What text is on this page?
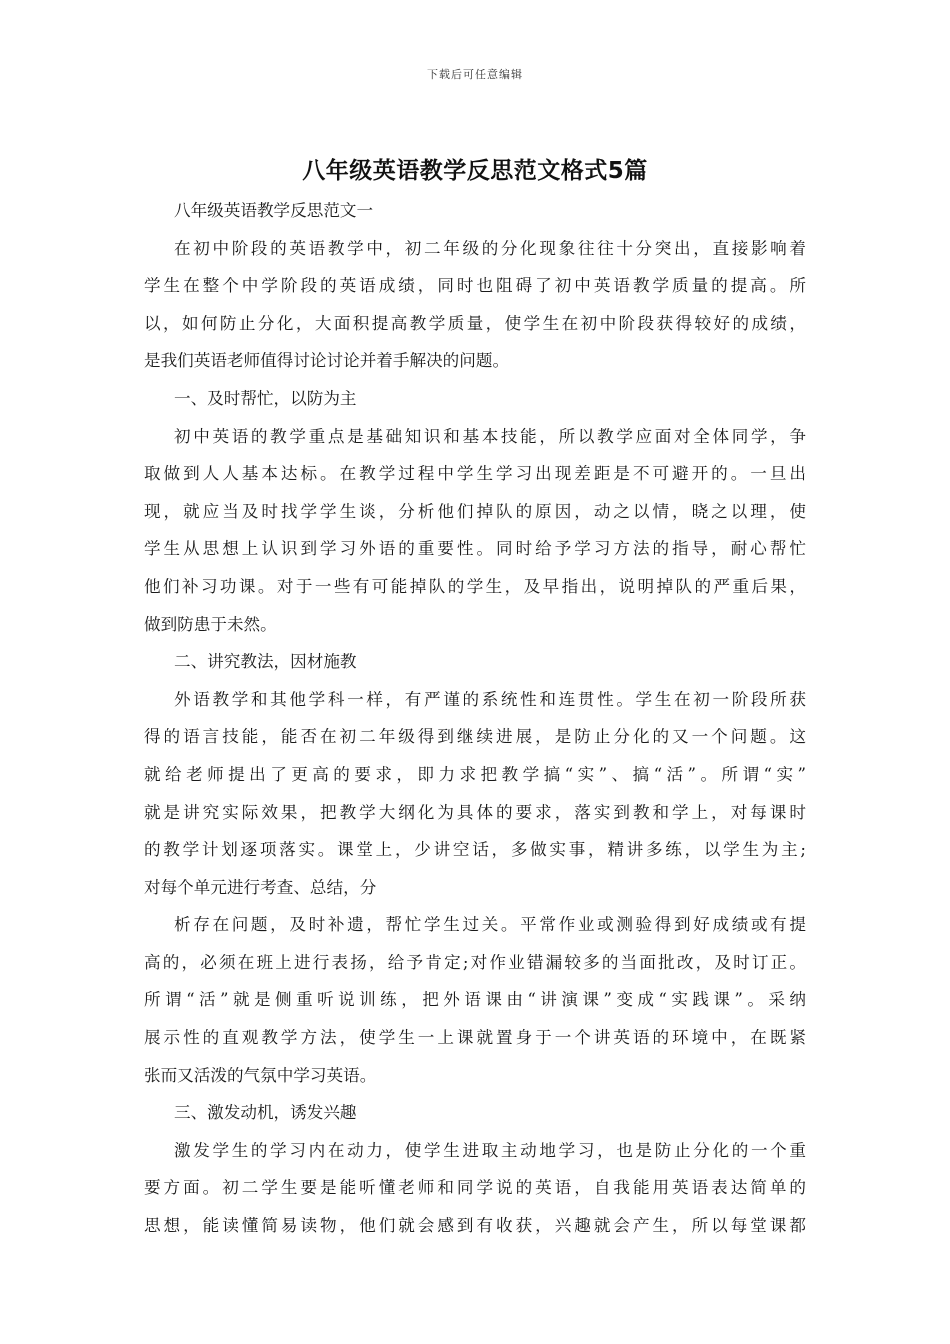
下载后可任意编辑
八年级英语教学反思范文格式5篇
八年级英语教学反思范文一
在初中阶段的英语教学中，初二年级的分化现象往往十分突出，直接影响着
学生在整个中学阶段的英语成绩，同时也阻碍了初中英语教学质量的提高。所
以，如何防止分化，大面积提高教学质量，使学生在初中阶段获得较好的成绩，
是我们英语老师值得讨论讨论并着手解决的问题。
一、及时帮忙，以防为主
初中英语的教学重点是基础知识和基本技能，所以教学应面对全体同学，争
取做到人人基本达标。在教学过程中学生学习出现差距是不可避开的。一旦出
现，就应当及时找学学生谈，分析他们掉队的原因，动之以情，晓之以理，使
学生从思想上认识到学习外语的重要性。同时给予学习方法的指导，耐心帮忙
他们补习功课。对于一些有可能掉队的学生，及早指出，说明掉队的严重后果，
做到防患于未然。
二、讲究教法，因材施教
外语教学和其他学科一样，有严谨的系统性和连贯性。学生在初一阶段所获
得的语言技能，能否在初二年级得到继续进展，是防止分化的又一个问题。这
就给老师提出了更高的要求，即力求把教学搞“实”、搞“活”。所谓“实”
就是讲究实际效果，把教学大纲化为具体的要求，落实到教和学上，对每课时
的教学计划逐项落实。课堂上，少讲空话，多做实事，精讲多练，以学生为主;
对每个单元进行考查、总结，分
析存在问题，及时补遗，帮忙学生过关。平常作业或测验得到好成绩或有提
高的，必须在班上进行表扬，给予肯定;对作业错漏较多的当面批改，及时订正。
所谓“活”就是侧重听说训练，把外语课由“讲演课”变成“实践课”。采纳
展示性的直观教学方法，使学生一上课就置身于一个讲英语的环境中，在既紧
张而又活泼的气氛中学习英语。
三、激发动机，诱发兴趣
激发学生的学习内在动力，使学生进取主动地学习，也是防止分化的一个重
要方面。初二学生要是能听懂老师和同学说的英语，自我能用英语表达简单的
思想，能读懂简易读物，他们就会感到有收获，兴趣就会产生，所以每堂课都
